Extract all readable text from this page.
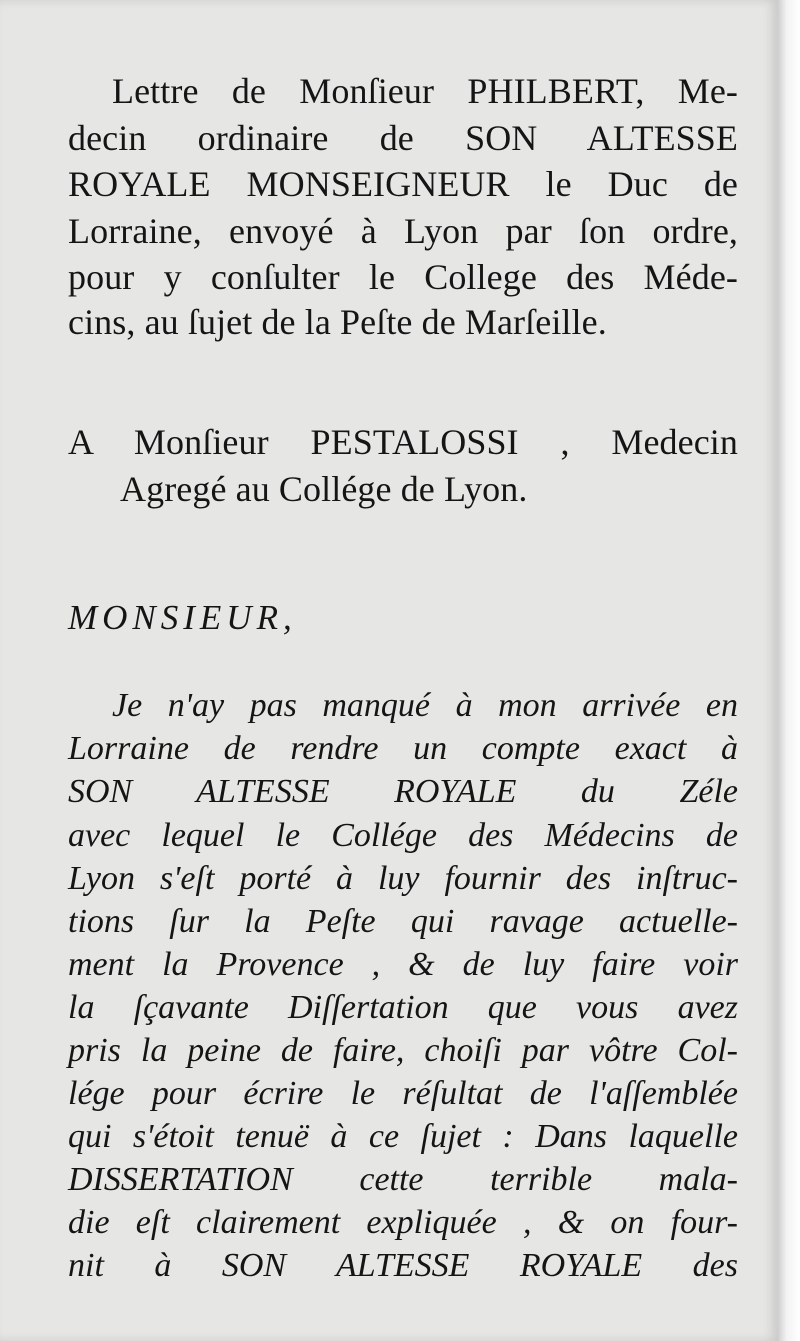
Lettre de Monſieur PHILBERT, Me-

decin ordinaire de SON ALTESSE

ROYALE MONSEIGNEUR le Duc de

Lorraine, envoyé à Lyon par ſon ordre,

pour y conſulter le College des Méde-

cins, au ſujet de la Peſte de Marſeille.

A Monſieur PESTALOSSI , Medecin

Agregé au Collége de Lyon.

MONSIEUR,

Je n'ay pas manqué à mon arrivée en

Lorraine de rendre un compte exact à

SON ALTESSE ROYALE du Zéle

avec lequel le Collége des Médecins de

Lyon s'eſt porté à luy fournir des inſtruc-

tions ſur la Peſte qui ravage actuelle-

ment la Provence , & de luy faire voir

la ſçavante Diſſertation que vous avez

pris la peine de faire, choiſi par vôtre Col-

lége pour écrire le réſultat de l'aſſemblée

qui s'étoit tenuë à ce ſujet : Dans laquelle

DISSERTATION cette terrible mala-

die eſt clairement expliquée , & on four-

nit à SON ALTESSE ROYALE des
